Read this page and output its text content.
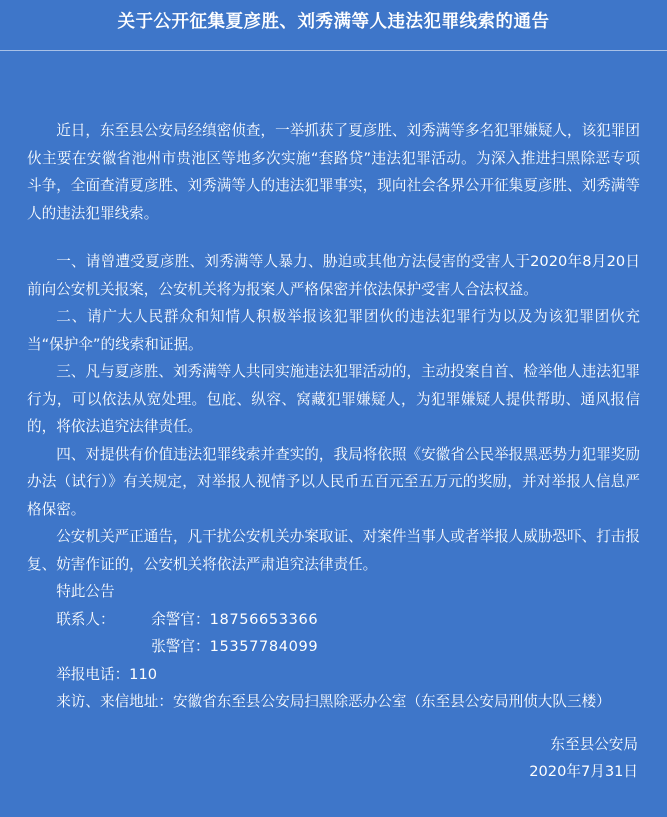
关于公开征集夏彦胜、刘秀满等人违法犯罪线索的通告

近日，东至县公安局经缜密侦查，一举抓获了夏彦胜、刘秀满等多名犯罪嫌疑人，该犯罪团伙主要在安徽省池州市贵池区等地多次实施“套路贷”违法犯罪活动。为深入推进扫黑除恶专项斗争，全面查清夏彦胜、刘秀满等人的违法犯罪事实，现向社会各界公开征集夏彦胜、刘秀满等人的违法犯罪线索。

一、请曾遭受夏彦胜、刘秀满等人暴力、胁迫或其他方法侵害的受害人于2020年8月20日前向公安机关报案，公安机关将为报案人严格保密并依法保护受害人合法权益。

二、请广大人民群众和知情人积极举报该犯罪团伙的违法犯罪行为以及为该犯罪团伙充当“保护伞”的线索和证据。

三、凡与夏彦胜、刘秀满等人共同实施违法犯罪活动的，主动投案自首、检举他人违法犯罪行为，可以依法从宽处理。包庇、纵容、窝藏犯罪嫌疑人，为犯罪嫌疑人提供帮助、通风报信的，将依法追究法律责任。

四、对提供有价值违法犯罪线索并查实的，我局将依照《安徽省公民举报黑恶势力犯罪奖励办法（试行）》有关规定，对举报人视情予以人民币五百元至五万元的奖励，并对举报人信息严格保密。

公安机关严正通告，凡干扰公安机关办案取证、对案件当事人或者举报人威胁恐吓、打击报复、妨害作证的，公安机关将依法严肃追究法律责任。

特此公告

联系人：	余警官： 18756653366
张警官： 15357784099

举报电话：110

来访、来信地址：安徽省东至县公安局扫黑除恶办公室（东至县公安局刑侦大队三楼）

东至县公安局

2020年7月31日
